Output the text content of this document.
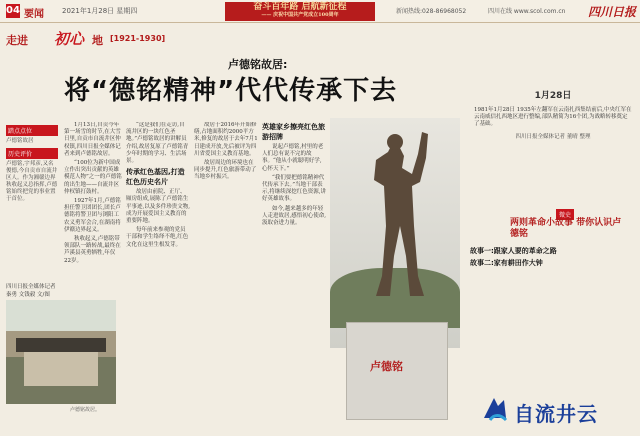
04 要闻	2021年1月28日 星期四	奋斗百年路 启航新征程
—— 庆祝中国共产党成立100周年	新闻热线:028-86968052	四川在线 www.scol.com.cn 四川日报
走进 初心 地 [1921-1930]
卢德铭故居:
将“德铭精神”代代传承下去
踏点点位
卢德铭故居
历史评价
卢德铭,宇邦彦,又名俊德,今自贡市自流井区人。作为湘赣边界秋收起义总指挥,卢德铭始终把党的事业置于首位。
四川日报全媒体记者
秦勇 文钱毅 文/图
卢德铭故居。

1月13日,自贡今年第一场雪的时节,在大雪日里,自贡市自流井区仲权镇,四川日报全媒体记者来到卢德铭故居。

“100位为新中国成立作出突出贡献的英雄模范人物”之一的卢德铭的出生地——自流井区仲权镇打鼓村。

1927年1月,卢德铭担任警卫团团长,团长卢德铭将警卫团与浏阳工农义勇军会合,在湖南将伊赣边界起义。

秋收起义,卢德铭带领部队一路转战,最终在芦溪县英勇牺牲,年仅22岁。

“这是我们在走访,自流井区的一块红色圣地。”卢德铭故居的讲解员介绍,故居复原了卢德铭青少年时期的学习、生活场景。

传承红色基因,打造红色历史名片

故居由前院、正厅、厢房组成,展陈了卢德铭生平事迹,以及多件珍贵文物,成为开展爱国主义教育的重要阵地。

每年前来参观的党员干部和学生络绎不绝,红色文化在这里生根发芽。

故居于2016年开始修缮,占地面积约2000平方米,修复的故居于去年7月1日建成开放,先后被评为四川省爱国主义教育基地。

故居周边的环境也在同步提升,红色旅游带动了当地乡村振兴。

英雄家乡擦亮红色旅游招牌

说起卢德铭,村里的老人们总有说不完的故事。“他从小就聪明好学,心怀天下。”

“我们要把德铭精神代代传承下去。”当地干部表示,将继续深挖红色资源,讲好英雄故事。

如今,越来越多的年轻人走进故居,感悟初心使命,汲取奋进力量。

卢德铭
1月28日
1981年1月28日 1935年左翻军在云南扎西集结前后,中央红军在云南威信扎西地区进行整编,部队精简为16个团,为战略转移奠定了基础。
四川日报全媒体记者 董晴 整理
微史
两则革命小故事 带你认识卢德铭

故事一:跟家人要的革命之路

故事二:家有耕田作大钟

自流井云
